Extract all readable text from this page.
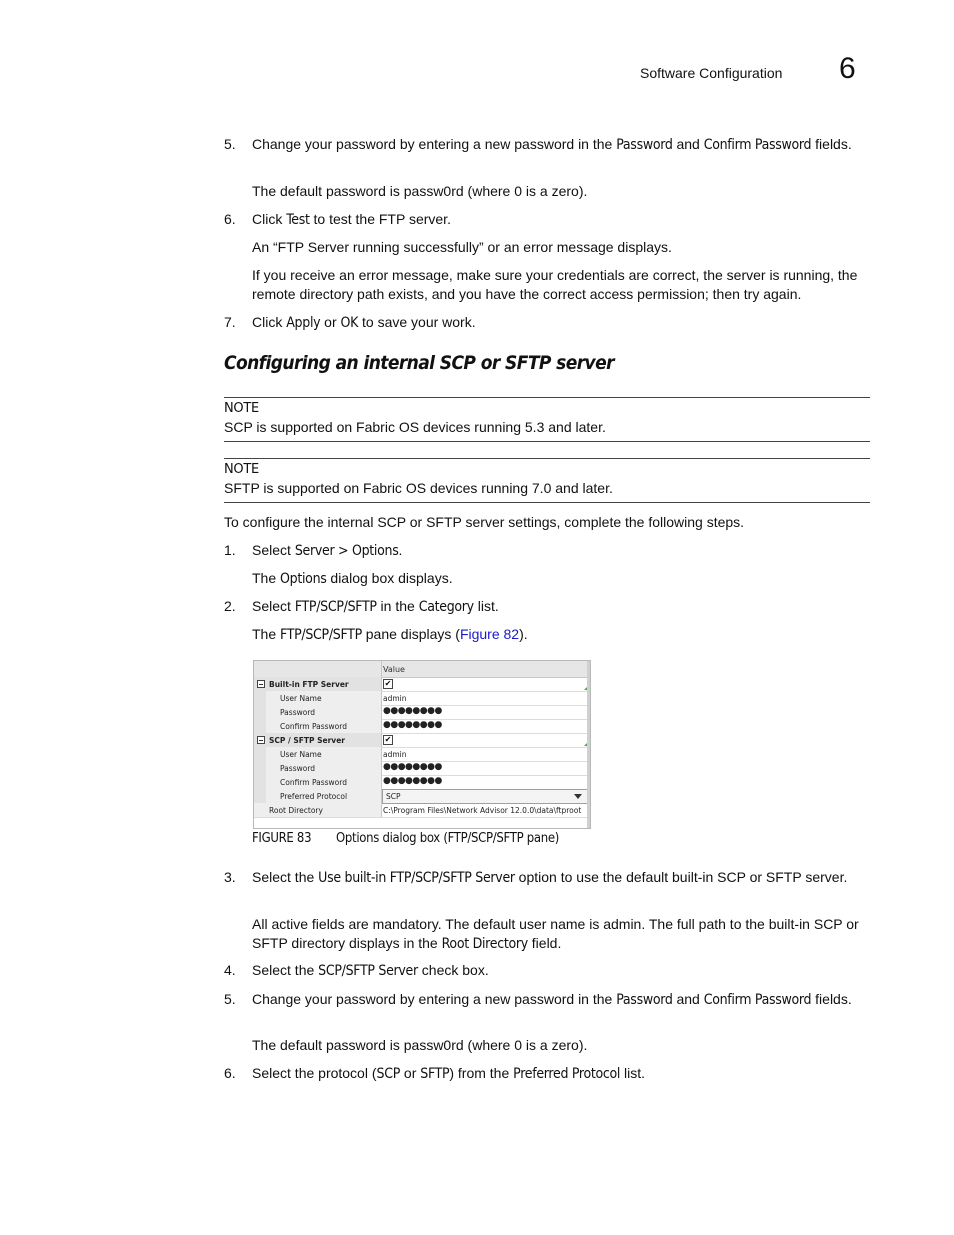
Software Configuration 6
5. Change your password by entering a new password in the Password and Confirm Password fields.
The default password is passw0rd (where 0 is a zero).
6. Click Test to test the FTP server.
An “FTP Server running successfully” or an error message displays.
If you receive an error message, make sure your credentials are correct, the server is running, the remote directory path exists, and you have the correct access permission; then try again.
7. Click Apply or OK to save your work.
Configuring an internal SCP or SFTP server
NOTE
SCP is supported on Fabric OS devices running 5.3 and later.
NOTE
SFTP is supported on Fabric OS devices running 7.0 and later.
To configure the internal SCP or SFTP server settings, complete the following steps.
1. Select Server > Options.
The Options dialog box displays.
2. Select FTP/SCP/SFTP in the Category list.
The FTP/SCP/SFTP pane displays (Figure 82).
Value
Built-in FTP Server	✔
User Name	admin
Password	●●●●●●●●
Confirm Password	●●●●●●●●
SCP / SFTP Server	✔
User Name	admin
Password	●●●●●●●●
Confirm Password	●●●●●●●●
Preferred Protocol	SCP
Root Directory	C:\Program Files\Network Advisor 12.0.0\data\ftproot
FIGURE 83 Options dialog box (FTP/SCP/SFTP pane)
3. Select the Use built-in FTP/SCP/SFTP Server option to use the default built-in SCP or SFTP server.
All active fields are mandatory. The default user name is admin. The full path to the built-in SCP or SFTP directory displays in the Root Directory field.
4. Select the SCP/SFTP Server check box.
5. Change your password by entering a new password in the Password and Confirm Password fields.
The default password is passw0rd (where 0 is a zero).
6. Select the protocol (SCP or SFTP) from the Preferred Protocol list.
